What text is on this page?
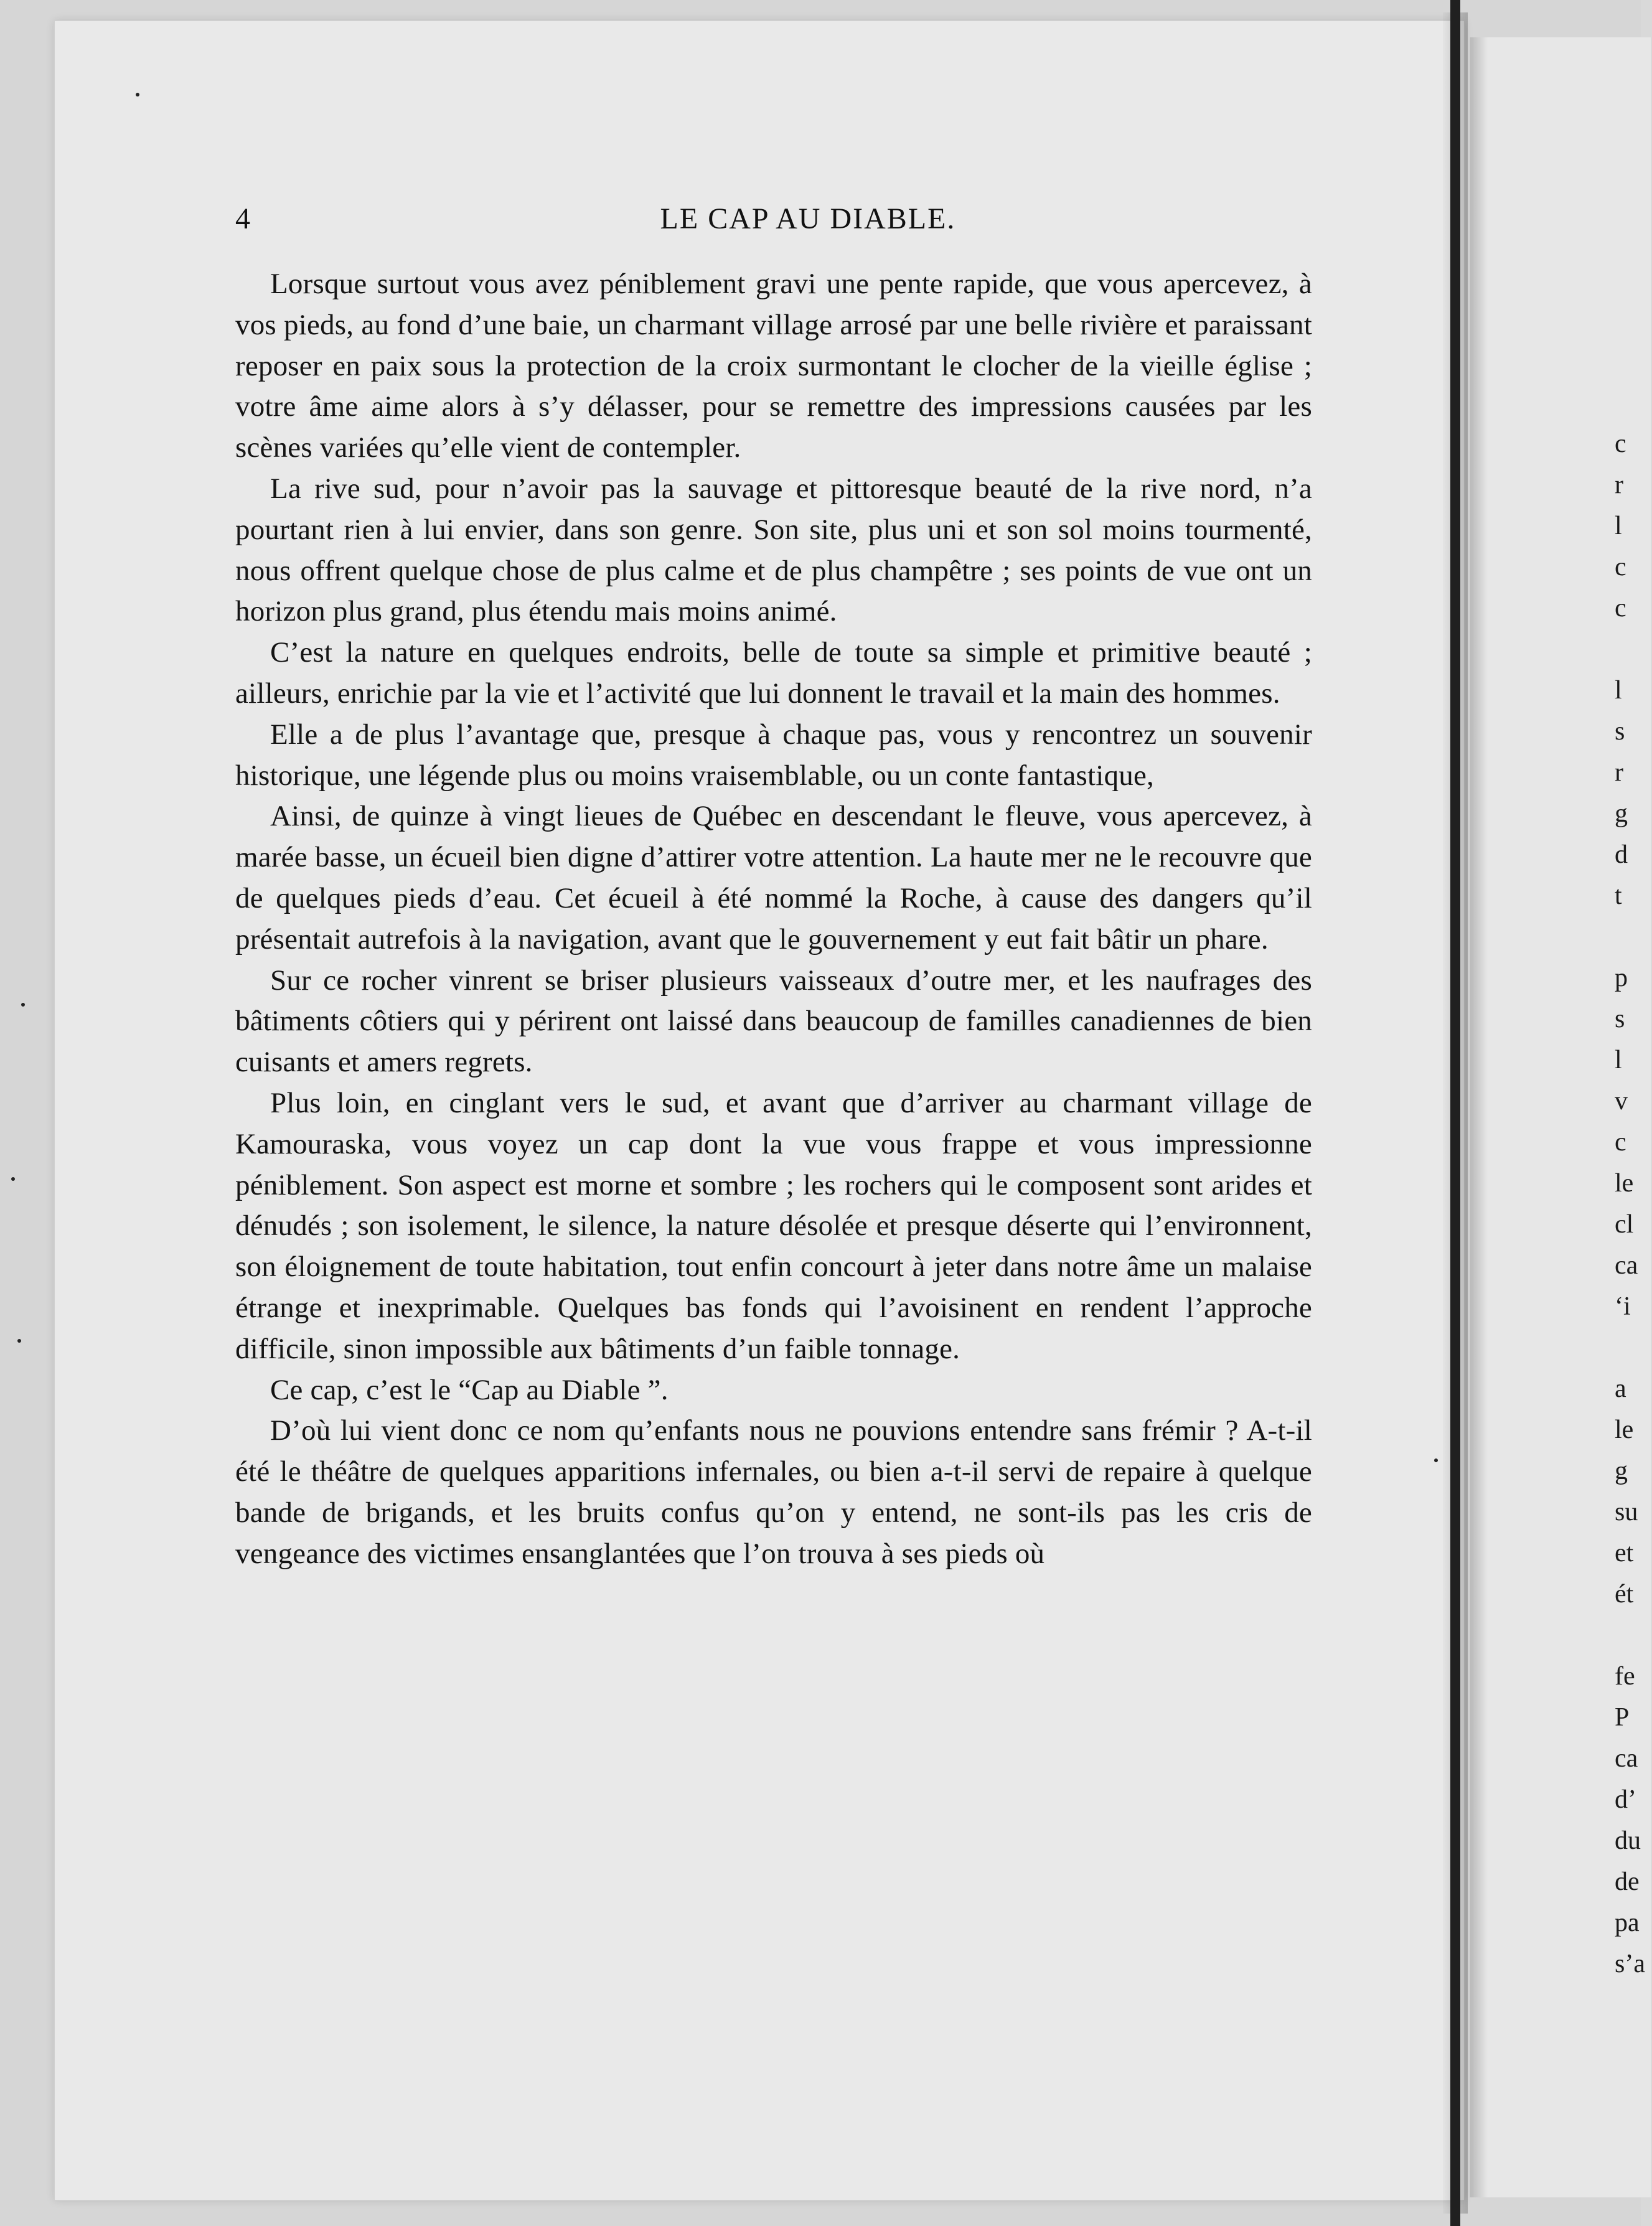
4	LE CAP AU DIABLE.

Lorsque surtout vous avez péniblement gravi une pente rapide, que vous apercevez, à vos pieds, au fond d’une baie, un charmant village arrosé par une belle rivière et paraissant reposer en paix sous la protection de la croix surmontant le clocher de la vieille église ; votre âme aime alors à s’y délasser, pour se remettre des impressions causées par les scènes variées qu’elle vient de contempler.

La rive sud, pour n’avoir pas la sauvage et pittoresque beauté de la rive nord, n’a pourtant rien à lui envier, dans son genre. Son site, plus uni et son sol moins tourmenté, nous offrent quelque chose de plus calme et de plus champêtre ; ses points de vue ont un horizon plus grand, plus étendu mais moins animé.

C’est la nature en quelques endroits, belle de toute sa simple et primitive beauté ; ailleurs, enrichie par la vie et l’activité que lui donnent le travail et la main des hommes.

Elle a de plus l’avantage que, presque à chaque pas, vous y rencontrez un souvenir historique, une légende plus ou moins vraisemblable, ou un conte fantastique,

Ainsi, de quinze à vingt lieues de Québec en descendant le fleuve, vous apercevez, à marée basse, un écueil bien digne d’attirer votre attention. La haute mer ne le recouvre que de quelques pieds d’eau. Cet écueil à été nommé la Roche, à cause des dangers qu’il présentait autrefois à la navigation, avant que le gouvernement y eut fait bâtir un phare.

Sur ce rocher vinrent se briser plusieurs vaisseaux d’outre mer, et les naufrages des bâtiments côtiers qui y périrent ont laissé dans beaucoup de familles canadiennes de bien cuisants et amers regrets.

Plus loin, en cinglant vers le sud, et avant que d’arriver au charmant village de Kamouraska, vous voyez un cap dont la vue vous frappe et vous impressionne péniblement. Son aspect est morne et sombre ; les rochers qui le composent sont arides et dénudés ; son isolement, le silence, la nature désolée et presque déserte qui l’environnent, son éloignement de toute habitation, tout enfin concourt à jeter dans notre âme un malaise étrange et inexprimable. Quelques bas fonds qui l’avoisinent en rendent l’approche difficile, sinon impossible aux bâtiments d’un faible tonnage.

Ce cap, c’est le “Cap au Diable ”.

D’où lui vient donc ce nom qu’enfants nous ne pouvions entendre sans frémir ? A-t-il été le théâtre de quelques apparitions infernales, ou bien a-t-il servi de repaire à quelque bande de brigands, et les bruits confus qu’on y entend, ne sont-ils pas les cris de vengeance des victimes ensanglantées que l’on trouva à ses pieds où

c
r
l
c
c
l
s
r
g
d
t
p
s
l
v
c
le
cl
ca
ʻi
a
le
g
su
et
ét
fe
P
ca
d’
du
de
pa
s’a
